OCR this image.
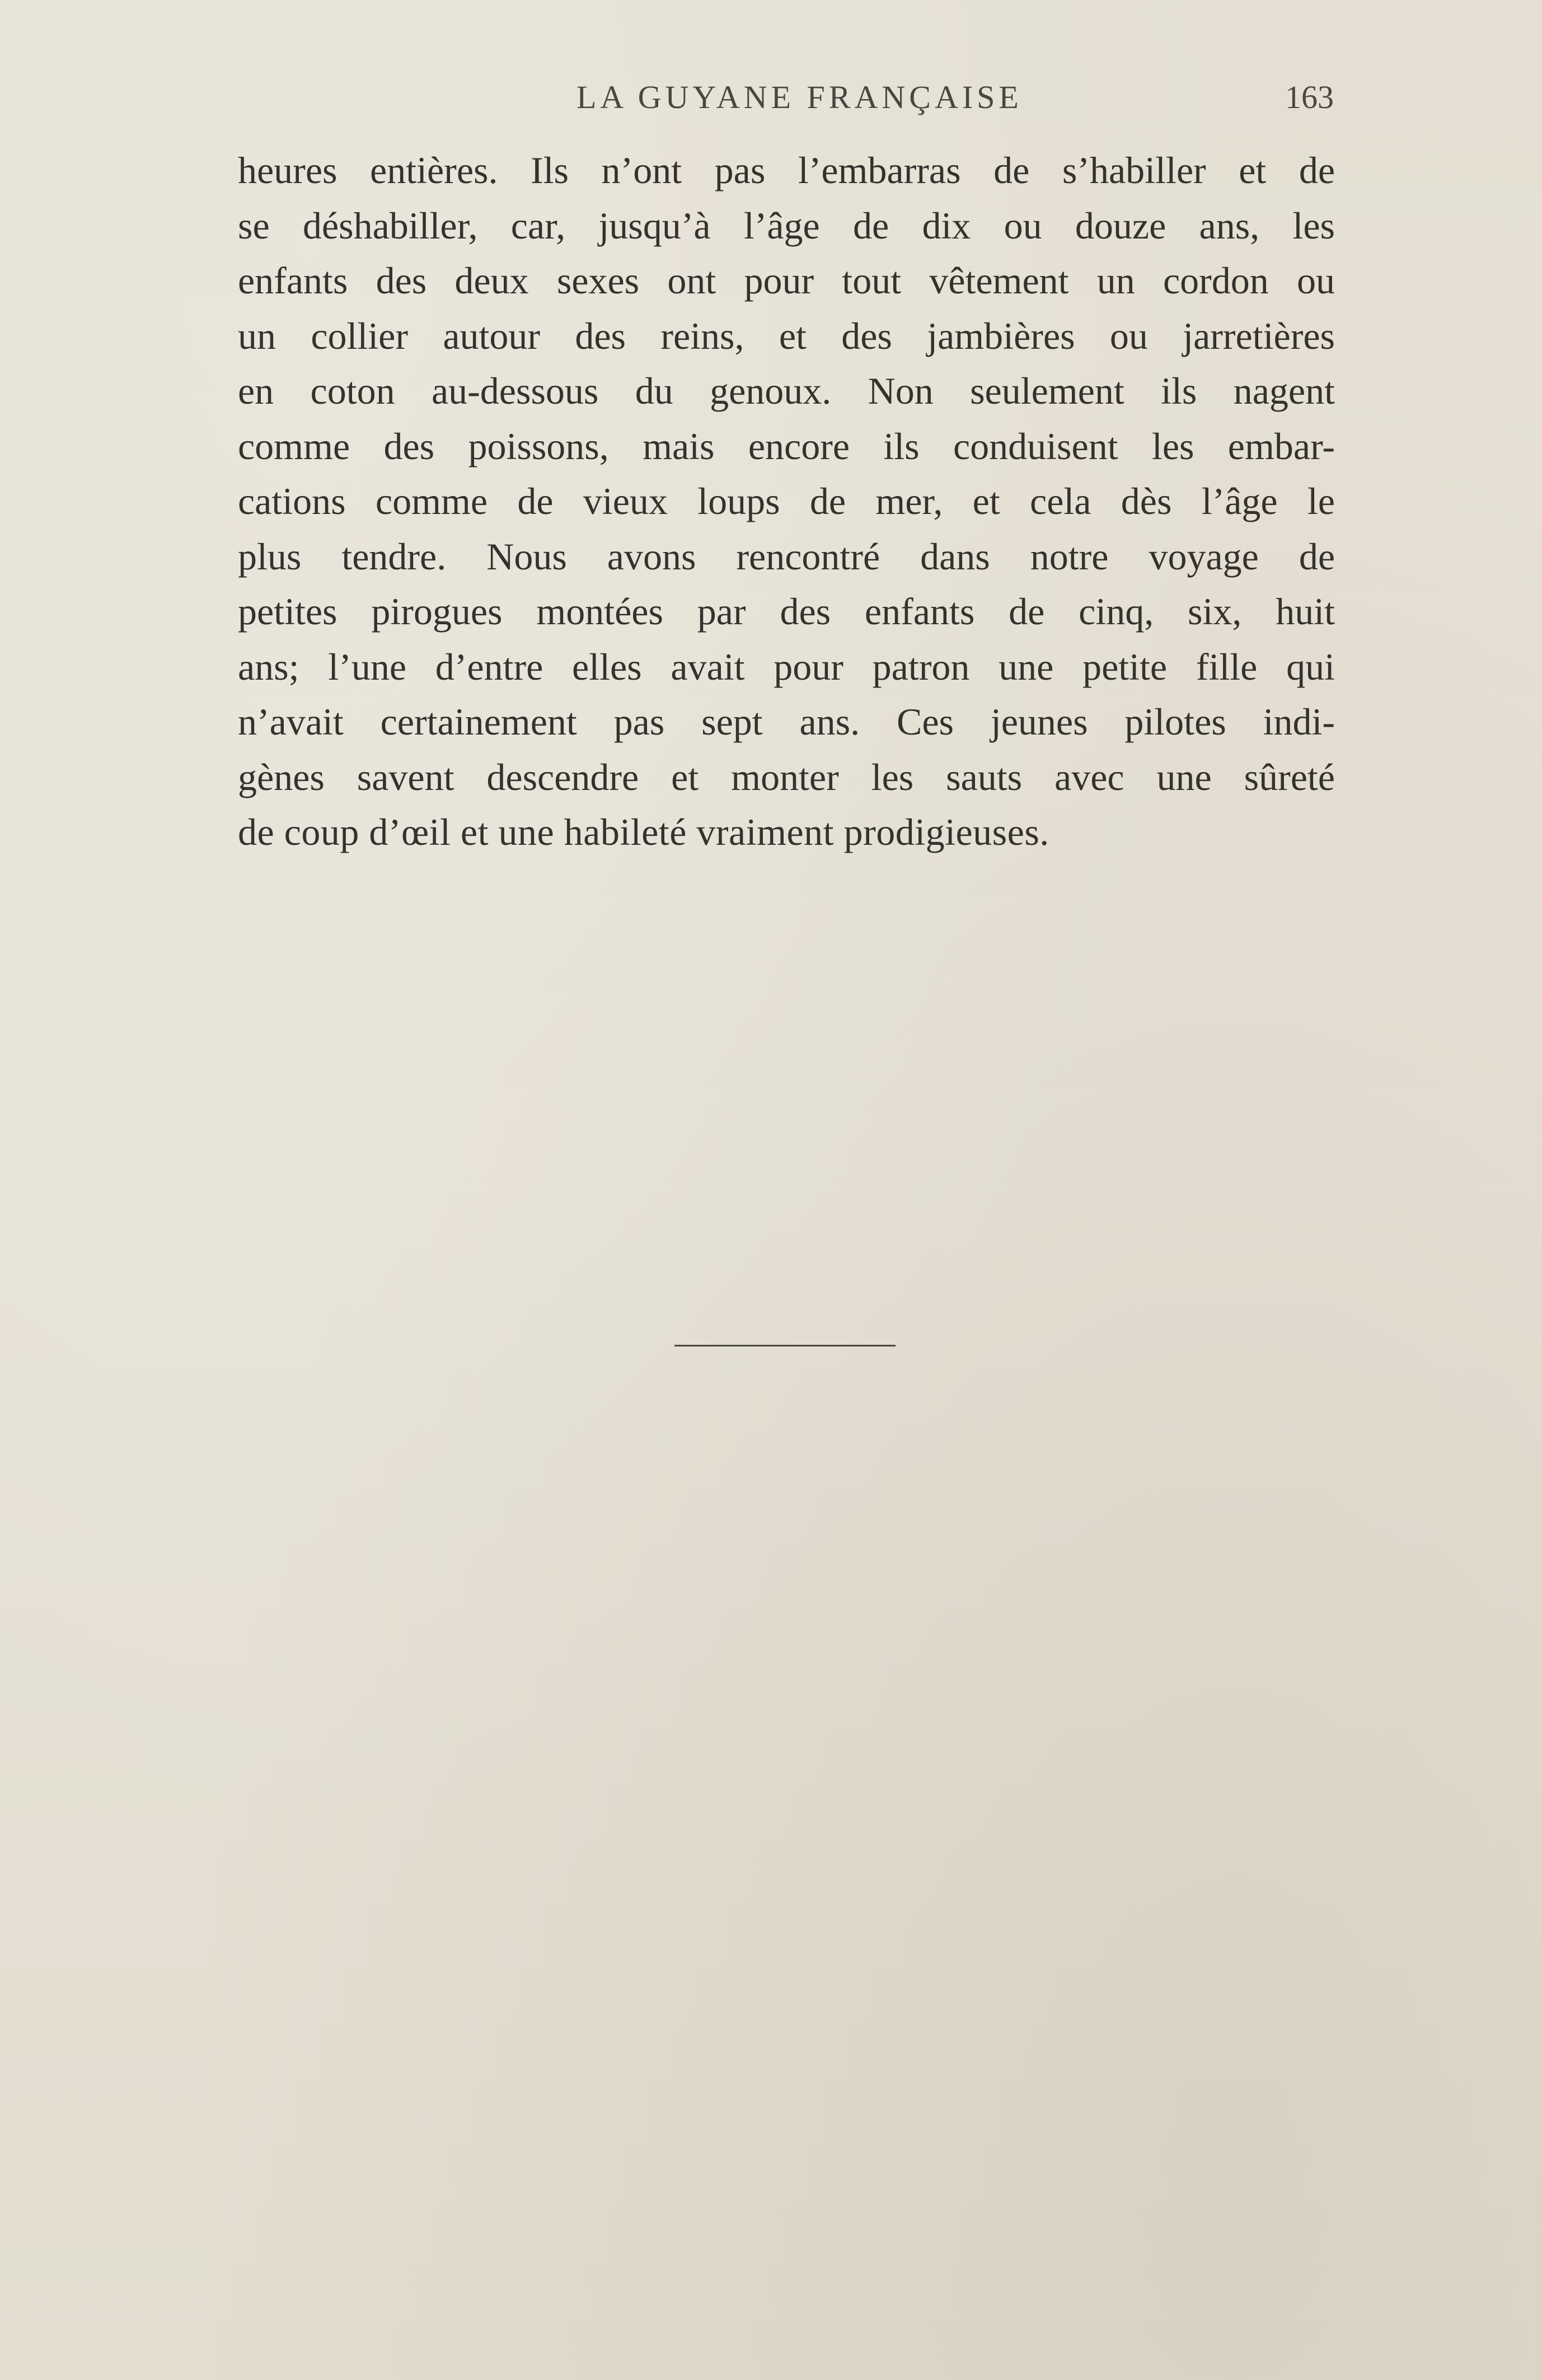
LA GUYANE FRANÇAISE	163
heures entières. Ils n’ont pas l’embarras de s’habiller et de
se déshabiller, car, jusqu’à l’âge de dix ou douze ans, les
enfants des deux sexes ont pour tout vêtement un cordon ou
un collier autour des reins, et des jambières ou jarretières
en coton au-dessous du genoux. Non seulement ils nagent
comme des poissons, mais encore ils conduisent les embar-
cations comme de vieux loups de mer, et cela dès l’âge le
plus tendre. Nous avons rencontré dans notre voyage de
petites pirogues montées par des enfants de cinq, six, huit
ans; l’une d’entre elles avait pour patron une petite fille qui
n’avait certainement pas sept ans. Ces jeunes pilotes indi-
gènes savent descendre et monter les sauts avec une sûreté
de coup d’œil et une habileté vraiment prodigieuses.
